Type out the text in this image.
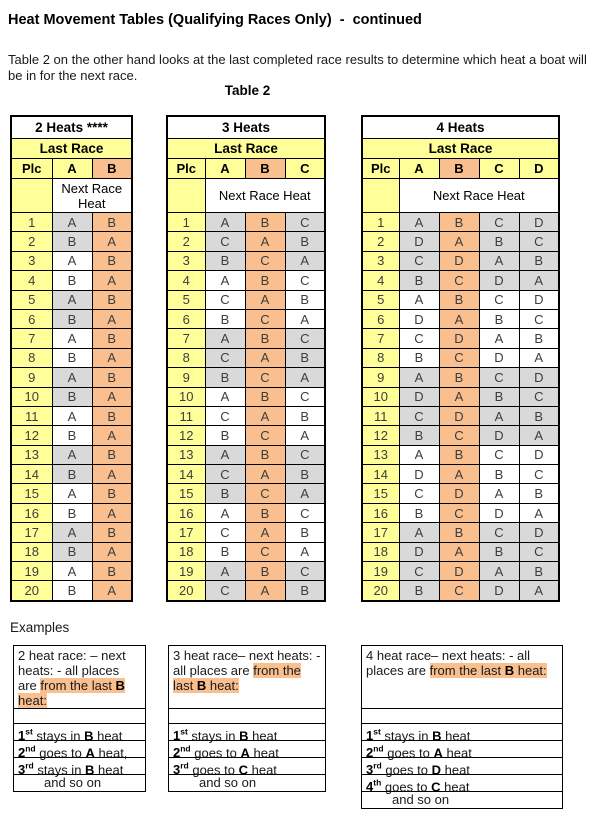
Heat Movement Tables (Qualifying Races Only)  -  continued
Table 2 on the other hand looks at the last completed race results to determine which heat a boat will be in for the next race.
Table 2
2 Heats ****		
Last Race		
Plc	A	B
	Next Race Heat	
1	A	B
2	B	A
3	A	B
4	B	A
5	A	B
6	B	A
7	A	B
8	B	A
9	A	B
10	B	A
11	A	B
12	B	A
13	A	B
14	B	A
15	A	B
16	B	A
17	A	B
18	B	A
19	A	B
20	B	A
3 Heats			
Last Race			
Plc	A	B	C
	Next Race Heat		
1	A	B	C
2	C	A	B
3	B	C	A
4	A	B	C
5	C	A	B
6	B	C	A
7	A	B	C
8	C	A	B
9	B	C	A
10	A	B	C
11	C	A	B
12	B	C	A
13	A	B	C
14	C	A	B
15	B	C	A
16	A	B	C
17	C	A	B
18	B	C	A
19	A	B	C
20	C	A	B
4 Heats				
Last Race				
Plc	A	B	C	D
	Next Race Heat			
1	A	B	C	D
2	D	A	B	C
3	C	D	A	B
4	B	C	D	A
5	A	B	C	D
6	D	A	B	C
7	C	D	A	B
8	B	C	D	A
9	A	B	C	D
10	D	A	B	C
11	C	D	A	B
12	B	C	D	A
13	A	B	C	D
14	D	A	B	C
15	C	D	A	B
16	B	C	D	A
17	A	B	C	D
18	D	A	B	C
19	C	D	A	B
20	B	C	D	A
Examples
2 heat race: – next heats: - all places are from the last B heat:
1st stays in B heat
2nd goes to A heat,
3rd stays in B heat
and so on
3 heat race– next heats: - all places are from the last B heat:
1st stays in B heat
2nd goes to A heat
3rd goes to C heat
and so on
4 heat race– next heats: - all places are from the last B heat:
1st stays in B heat
2nd goes to A heat
3rd goes to D heat
4th goes to C heat
and so on
